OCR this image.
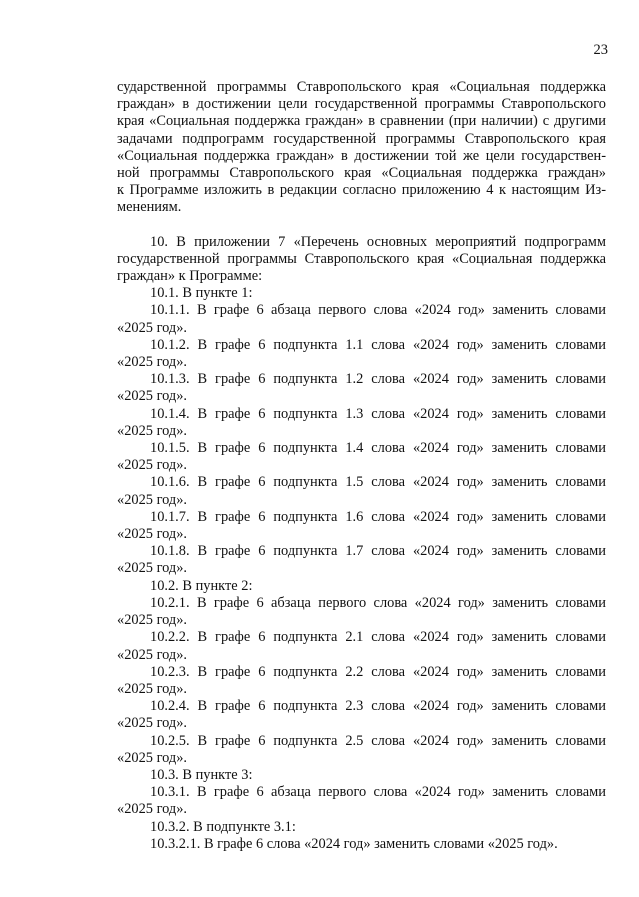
23
сударственной программы Ставропольского края «Социальная поддержка
граждан» в достижении цели государственной программы Ставропольского
края «Социальная поддержка граждан» в сравнении (при наличии) с другими
задачами подпрограмм государственной программы Ставропольского края
«Социальная поддержка граждан» в достижении той же цели государствен-
ной программы Ставропольского края «Социальная поддержка граждан»
к Программе изложить в редакции согласно приложению 4 к настоящим Из-
менениям.
10. В приложении 7 «Перечень основных мероприятий подпрограмм
государственной программы Ставропольского края «Социальная поддержка
граждан» к Программе:
10.1. В пункте 1:
10.1.1. В графе 6 абзаца первого слова «2024 год» заменить словами
«2025 год».
10.1.2. В графе 6 подпункта 1.1 слова «2024 год» заменить словами
«2025 год».
10.1.3. В графе 6 подпункта 1.2 слова «2024 год» заменить словами
«2025 год».
10.1.4. В графе 6 подпункта 1.3 слова «2024 год» заменить словами
«2025 год».
10.1.5. В графе 6 подпункта 1.4 слова «2024 год» заменить словами
«2025 год».
10.1.6. В графе 6 подпункта 1.5 слова «2024 год» заменить словами
«2025 год».
10.1.7. В графе 6 подпункта 1.6 слова «2024 год» заменить словами
«2025 год».
10.1.8. В графе 6 подпункта 1.7 слова «2024 год» заменить словами
«2025 год».
10.2. В пункте 2:
10.2.1. В графе 6 абзаца первого слова «2024 год» заменить словами
«2025 год».
10.2.2. В графе 6 подпункта 2.1 слова «2024 год» заменить словами
«2025 год».
10.2.3. В графе 6 подпункта 2.2 слова «2024 год» заменить словами
«2025 год».
10.2.4. В графе 6 подпункта 2.3 слова «2024 год» заменить словами
«2025 год».
10.2.5. В графе 6 подпункта 2.5 слова «2024 год» заменить словами
«2025 год».
10.3. В пункте 3:
10.3.1. В графе 6 абзаца первого слова «2024 год» заменить словами
«2025 год».
10.3.2. В подпункте 3.1:
10.3.2.1. В графе 6 слова «2024 год» заменить словами «2025 год».
